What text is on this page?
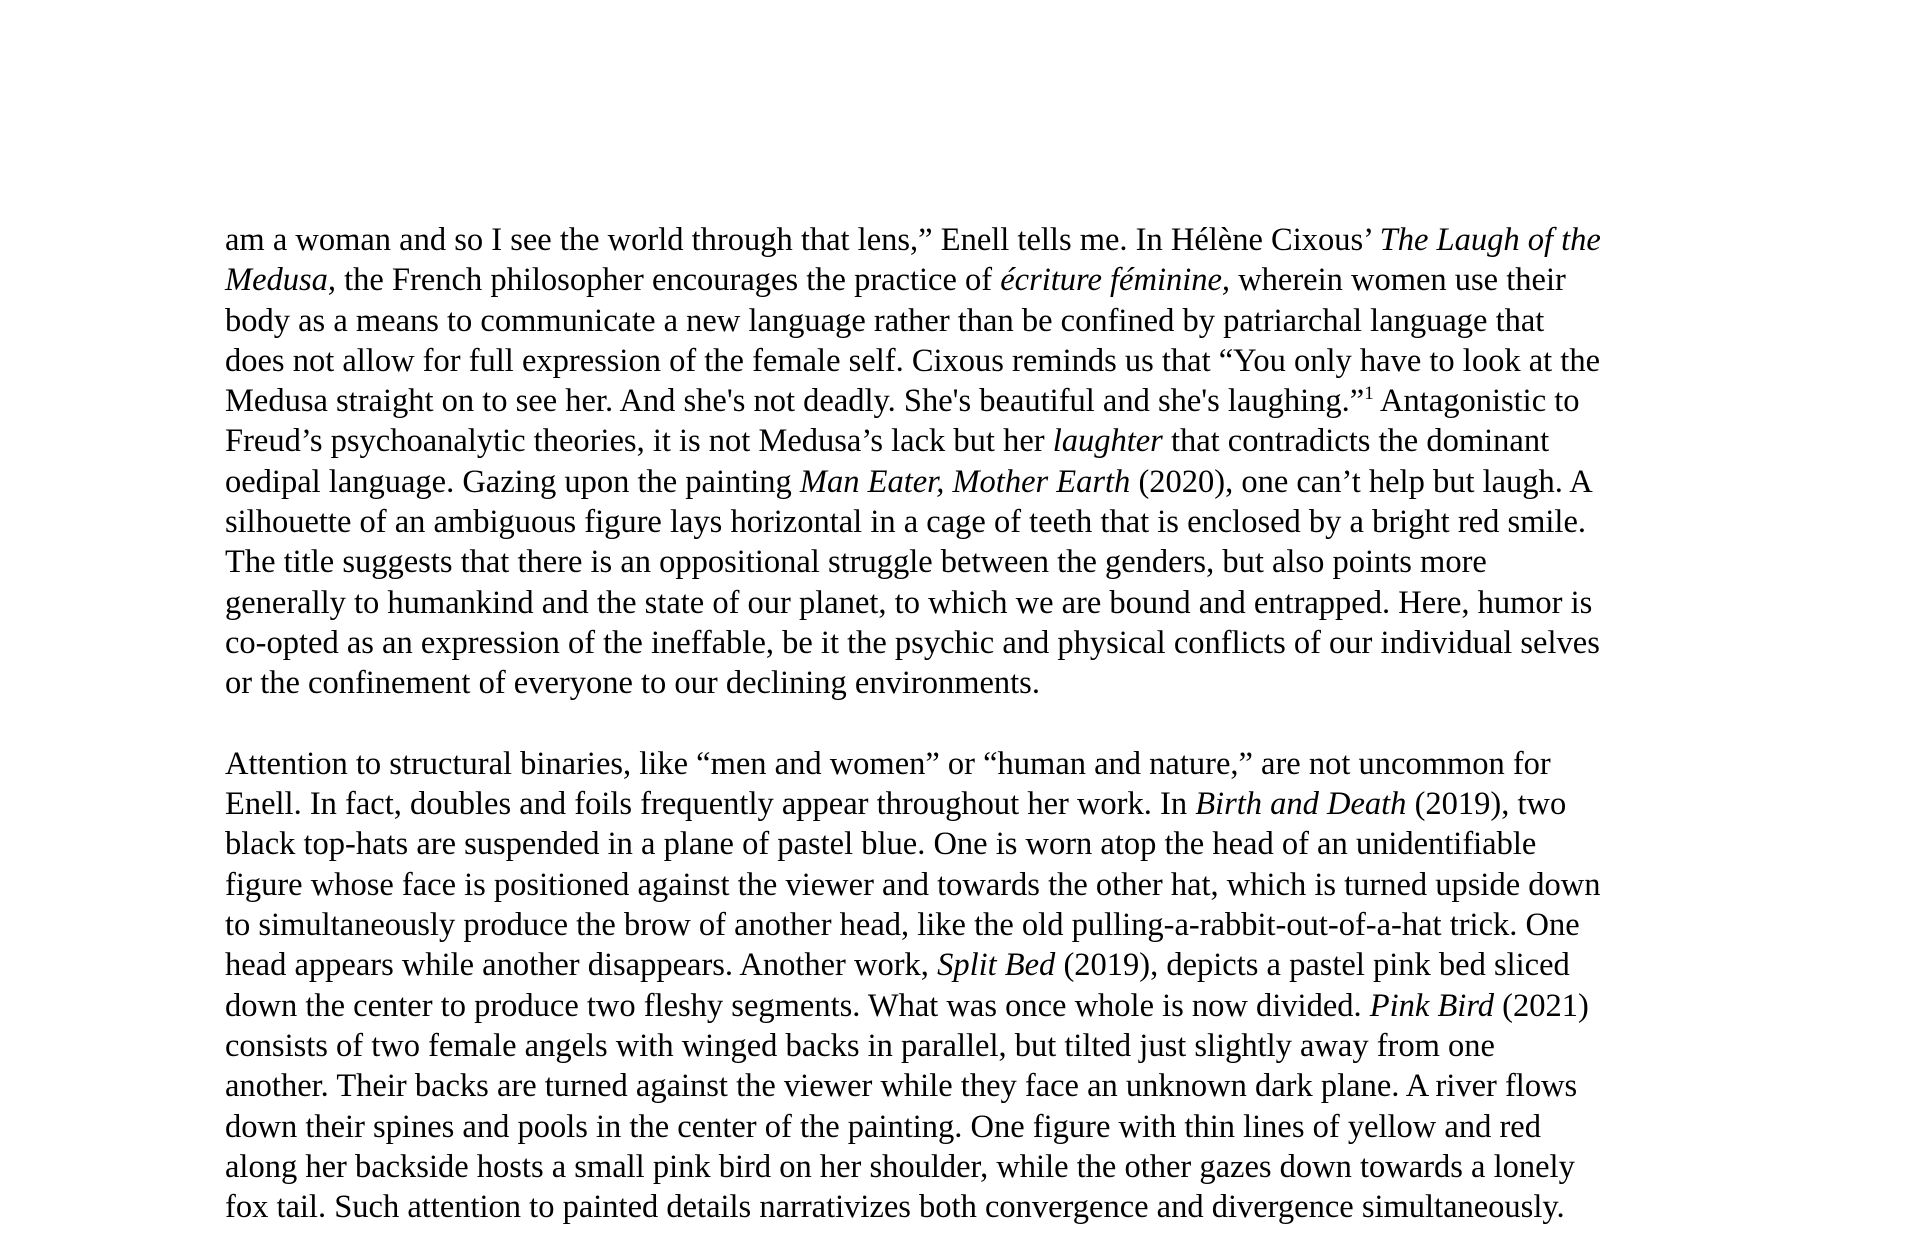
am a woman and so I see the world through that lens,” Enell tells me. In Hélène Cixous’ The Laugh of the
Medusa, the French philosopher encourages the practice of écriture féminine, wherein women use their
body as a means to communicate a new language rather than be confined by patriarchal language that
does not allow for full expression of the female self. Cixous reminds us that “You only have to look at the
Medusa straight on to see her. And she's not deadly. She's beautiful and she's laughing.”$^1$ Antagonistic to
Freud’s psychoanalytic theories, it is not Medusa’s lack but her laughter that contradicts the dominant
oedipal language. Gazing upon the painting Man Eater, Mother Earth (2020), one can’t help but laugh. A
silhouette of an ambiguous figure lays horizontal in a cage of teeth that is enclosed by a bright red smile.
The title suggests that there is an oppositional struggle between the genders, but also points more
generally to humankind and the state of our planet, to which we are bound and entrapped. Here, humor is
co-opted as an expression of the ineffable, be it the psychic and physical conflicts of our individual selves
or the confinement of everyone to our declining environments.
Attention to structural binaries, like “men and women” or “human and nature,” are not uncommon for
Enell. In fact, doubles and foils frequently appear throughout her work. In Birth and Death (2019), two
black top-hats are suspended in a plane of pastel blue. One is worn atop the head of an unidentifiable
figure whose face is positioned against the viewer and towards the other hat, which is turned upside down
to simultaneously produce the brow of another head, like the old pulling-a-rabbit-out-of-a-hat trick. One
head appears while another disappears. Another work, Split Bed (2019), depicts a pastel pink bed sliced
down the center to produce two fleshy segments. What was once whole is now divided. Pink Bird (2021)
consists of two female angels with winged backs in parallel, but tilted just slightly away from one
another. Their backs are turned against the viewer while they face an unknown dark plane. A river flows
down their spines and pools in the center of the painting. One figure with thin lines of yellow and red
along her backside hosts a small pink bird on her shoulder, while the other gazes down towards a lonely
fox tail. Such attention to painted details narrativizes both convergence and divergence simultaneously.
